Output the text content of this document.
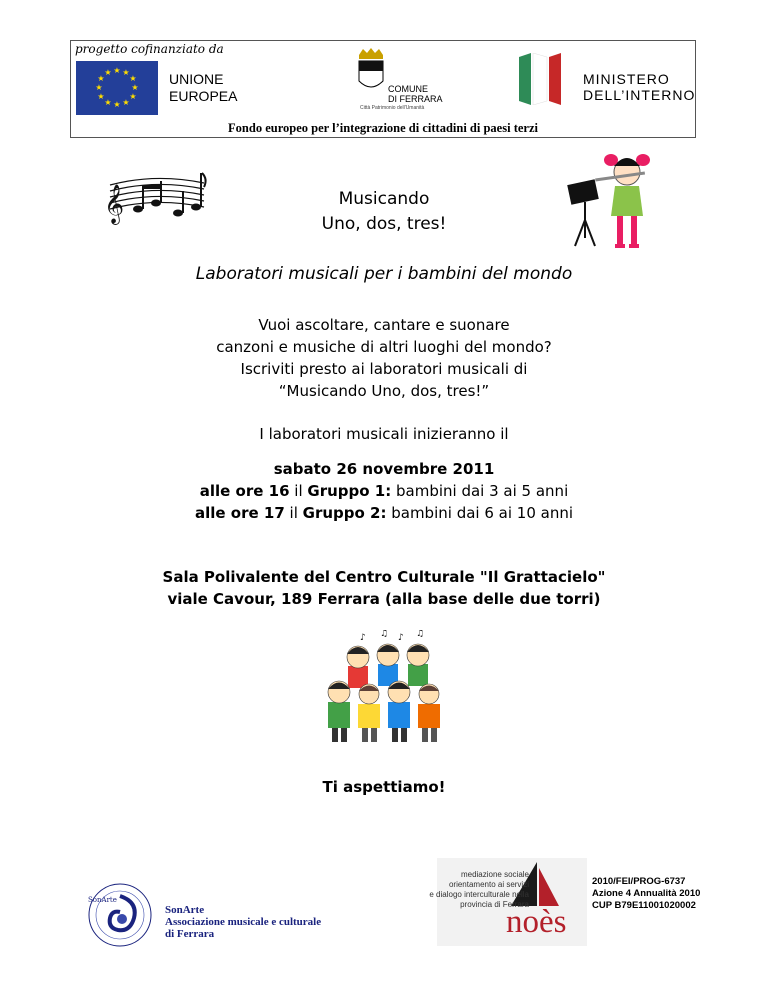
progetto cofinanziato da
★ ★
★
★
★
★
★
★
★
★
★
★	UNIONE
EUROPEA	COMUNE
DI FERRARA
Città Patrimonio dell'Umanità
MINISTERO
DELL’INTERNO
Fondo europeo per l’integrazione di cittadini di paesi terzi
𝄞	Musicando
Uno, dos, tres!
Laboratori musicali per i bambini del mondo
Vuoi ascoltare, cantare e suonare
canzoni e musiche di altri luoghi del mondo?
Iscriviti presto ai laboratori musicali di
“Musicando Uno, dos, tres!”
I laboratori musicali inizieranno il
sabato 26 novembre 2011
alle ore 16 il Gruppo 1: bambini dai 3 ai 5 anni
alle ore 17 il Gruppo 2: bambini dai 6 ai 10 anni
Sala Polivalente del Centro Culturale "Il Grattacielo"
viale Cavour, 189 Ferrara (alla base delle due torri)
♪ ♫ ♪ ♫
Ti aspettiamo!
SonArte
SonArte
Associazione musicale e culturale
di Ferrara
mediazione sociale
orientamento ai servizi
e dialogo interculturale nella
provincia di Ferrara
noès
2010/FEI/PROG-6737
Azione 4 Annualità 2010
CUP B79E11001020002
